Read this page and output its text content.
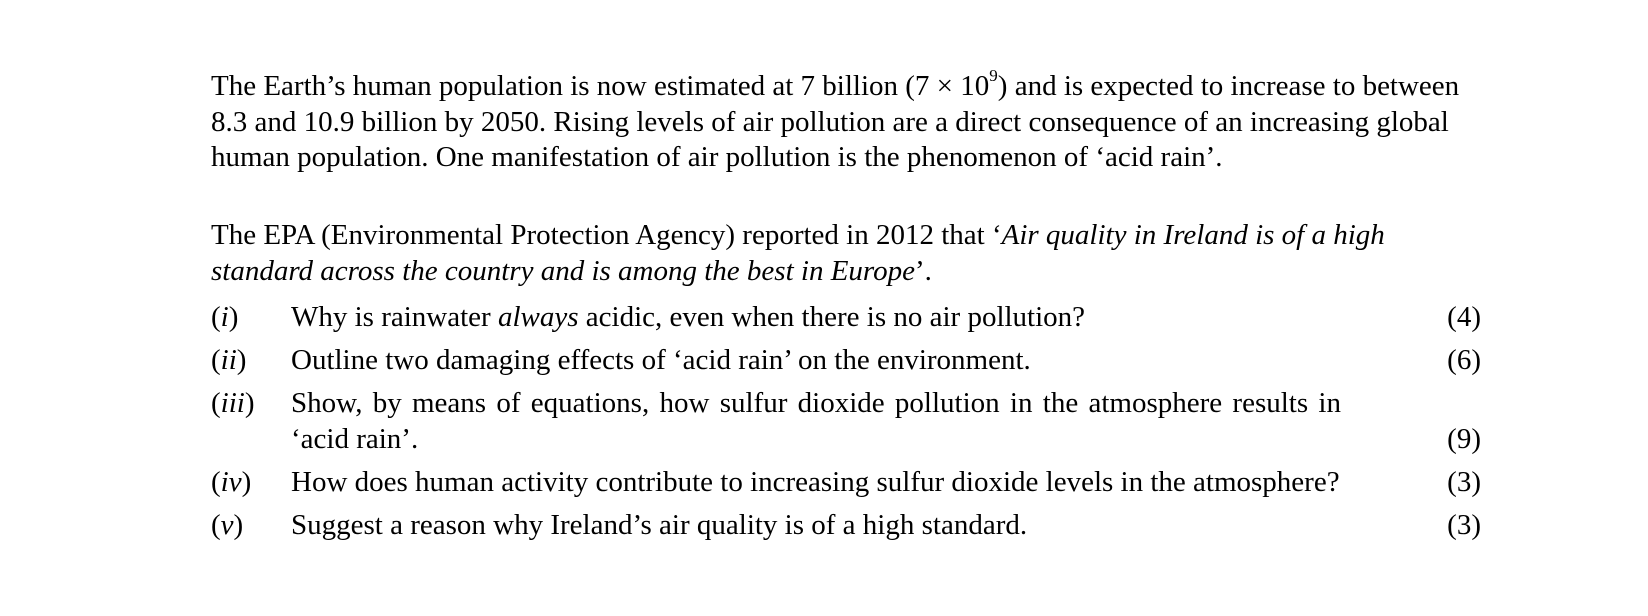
The Earth’s human population is now estimated at 7 billion $(7 \times 10^9)$ and is expected to increase to between 8.3 and 10.9 billion by 2050. Rising levels of air pollution are a direct consequence of an increasing global human population. One manifestation of air pollution is the phenomenon of ‘acid rain’.

The EPA (Environmental Protection Agency) reported in 2012 that ‘Air quality in Ireland is of a high standard across the country and is among the best in Europe’.

(i) Why is rainwater always acidic, even when there is no air pollution?	(4)
(ii) Outline two damaging effects of ‘acid rain’ on the environment.	(6)
(iii) Show, by means of equations, how sulfur dioxide pollution in the atmosphere results in ‘acid rain’.	(9)
(iv) How does human activity contribute to increasing sulfur dioxide levels in the atmosphere?	(3)
(v) Suggest a reason why Ireland’s air quality is of a high standard.	(3)
